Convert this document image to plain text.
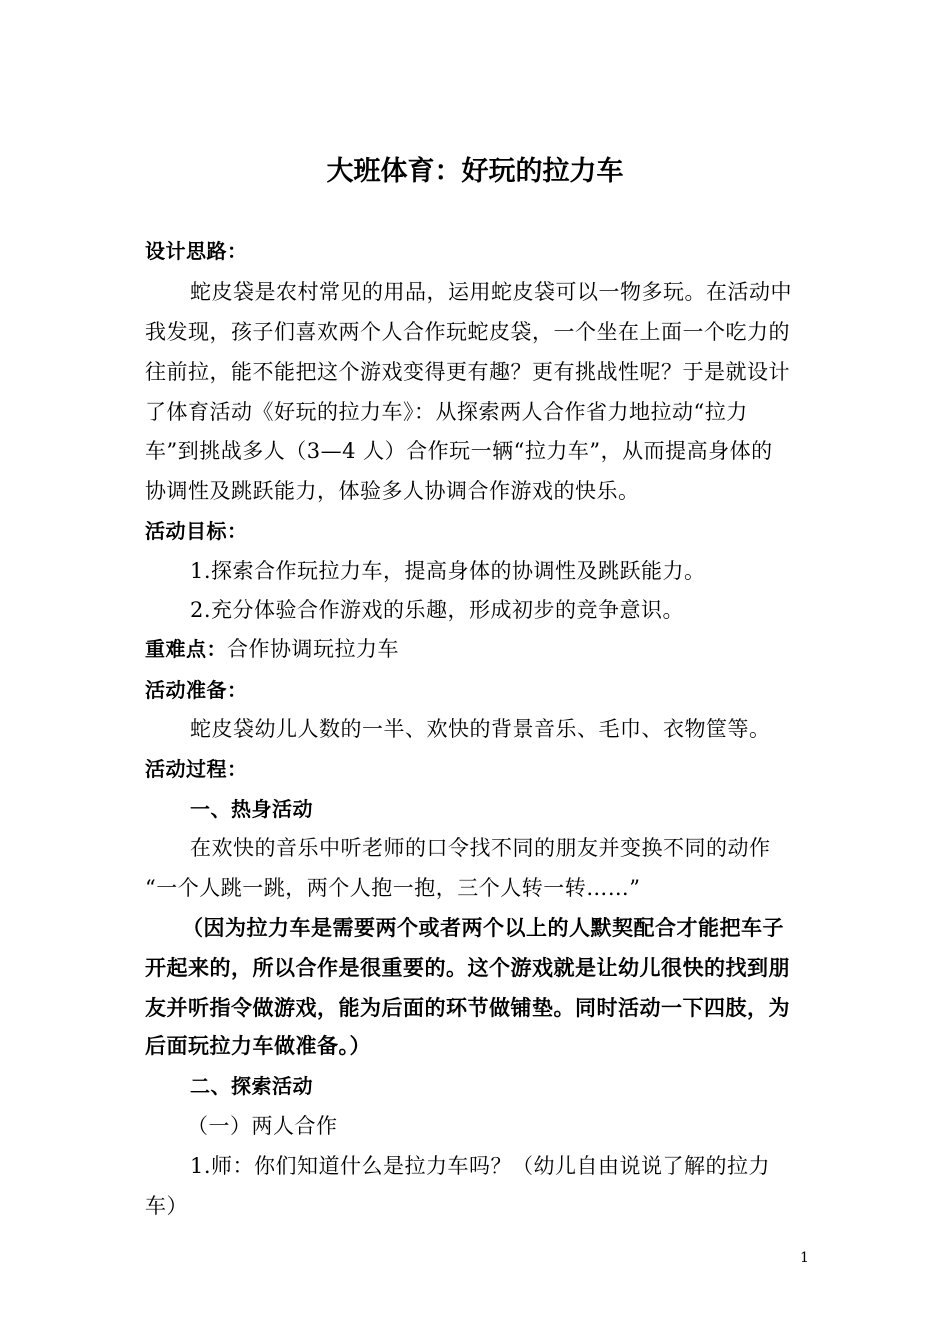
大班体育：好玩的拉力车
设计思路：
蛇皮袋是农村常见的用品，运用蛇皮袋可以一物多玩。在活动中
我发现，孩子们喜欢两个人合作玩蛇皮袋，一个坐在上面一个吃力的
往前拉，能不能把这个游戏变得更有趣？更有挑战性呢？于是就设计
了体育活动《好玩的拉力车》：从探索两人合作省力地拉动“拉力
车”到挑战多人（3—4 人）合作玩一辆“拉力车”，从而提高身体的
协调性及跳跃能力，体验多人协调合作游戏的快乐。
活动目标：
1.探索合作玩拉力车，提高身体的协调性及跳跃能力。
2.充分体验合作游戏的乐趣，形成初步的竞争意识。
重难点：合作协调玩拉力车
活动准备：
蛇皮袋幼儿人数的一半、欢快的背景音乐、毛巾、衣物筐等。
活动过程：
一、热身活动
在欢快的音乐中听老师的口令找不同的朋友并变换不同的动作
“一个人跳一跳，两个人抱一抱，三个人转一转……”
（因为拉力车是需要两个或者两个以上的人默契配合才能把车子
开起来的，所以合作是很重要的。这个游戏就是让幼儿很快的找到朋
友并听指令做游戏，能为后面的环节做铺垫。同时活动一下四肢，为
后面玩拉力车做准备。）
二、探索活动
（一）两人合作
1.师：你们知道什么是拉力车吗？（幼儿自由说说了解的拉力
车）
1
